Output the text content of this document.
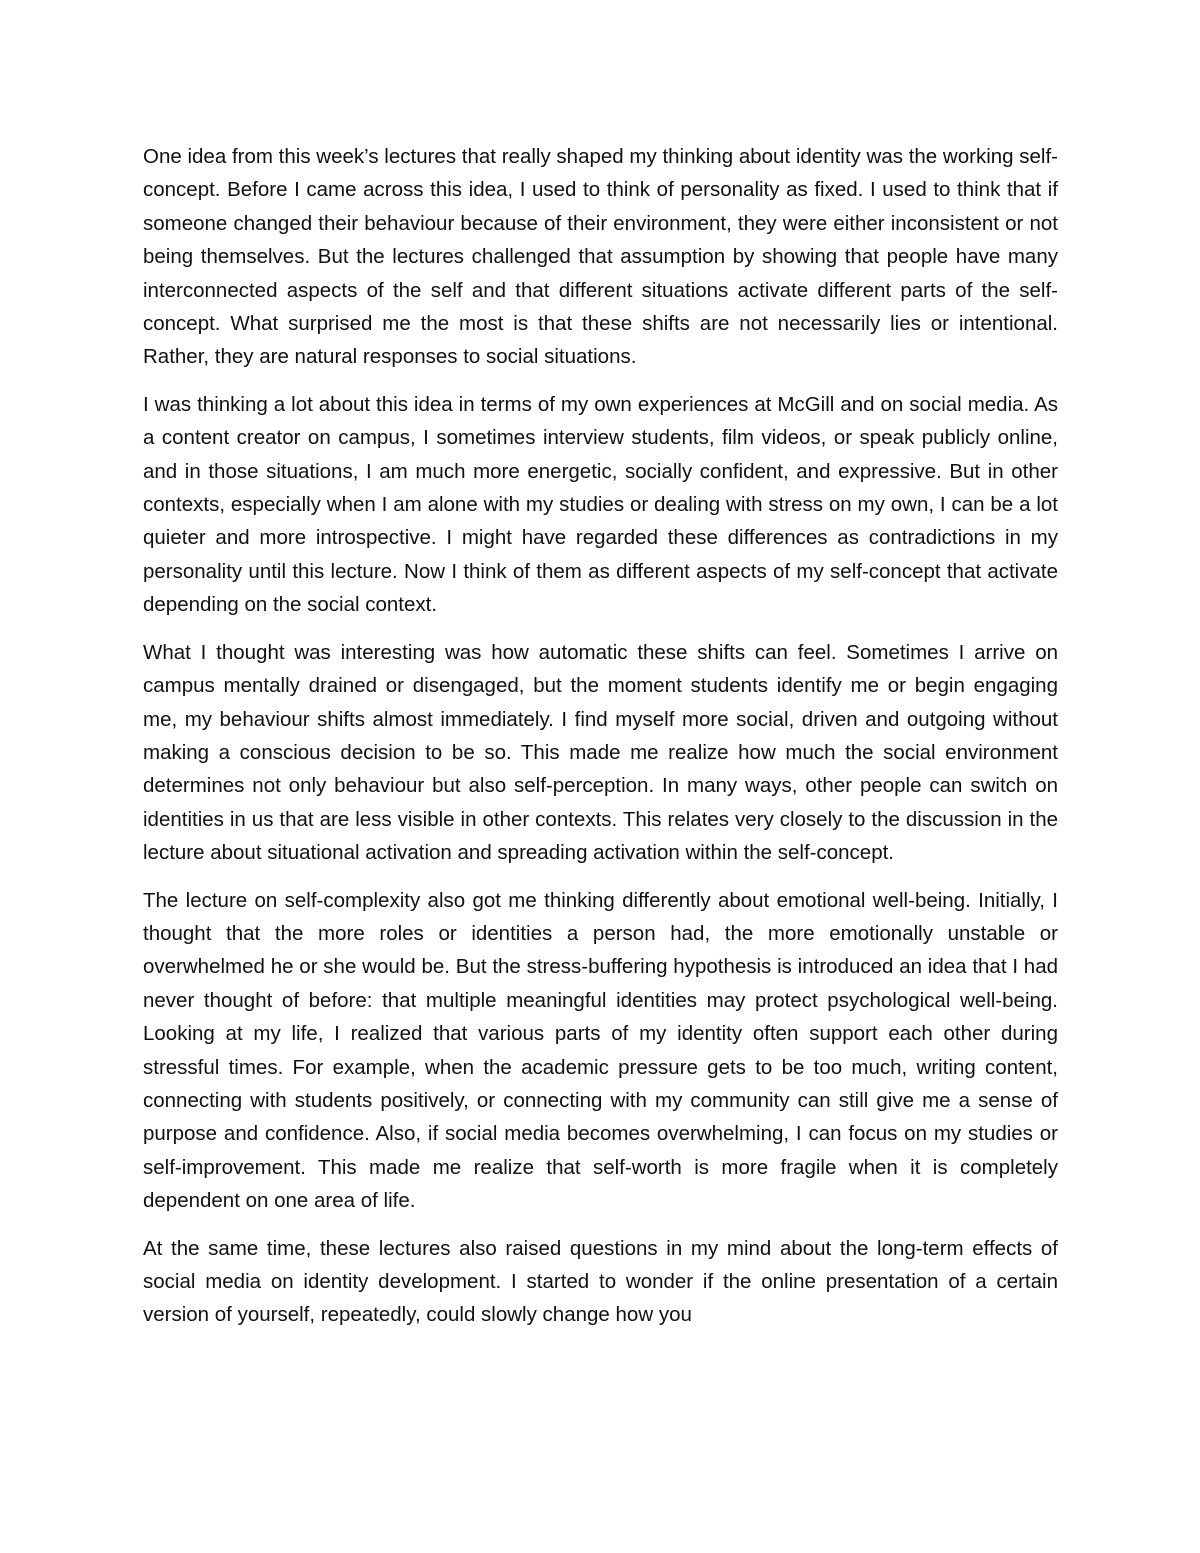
One idea from this week’s lectures that really shaped my thinking about identity was the working self-concept. Before I came across this idea, I used to think of personality as fixed. I used to think that if someone changed their behaviour because of their environment, they were either inconsistent or not being themselves. But the lectures challenged that assumption by showing that people have many interconnected aspects of the self and that different situations activate different parts of the self-concept. What surprised me the most is that these shifts are not necessarily lies or intentional. Rather, they are natural responses to social situations.

I was thinking a lot about this idea in terms of my own experiences at McGill and on social media. As a content creator on campus, I sometimes interview students, film videos, or speak publicly online, and in those situations, I am much more energetic, socially confident, and expressive. But in other contexts, especially when I am alone with my studies or dealing with stress on my own, I can be a lot quieter and more introspective. I might have regarded these differences as contradictions in my personality until this lecture. Now I think of them as different aspects of my self-concept that activate depending on the social context.

What I thought was interesting was how automatic these shifts can feel. Sometimes I arrive on campus mentally drained or disengaged, but the moment students identify me or begin engaging me, my behaviour shifts almost immediately. I find myself more social, driven and outgoing without making a conscious decision to be so. This made me realize how much the social environment determines not only behaviour but also self-perception. In many ways, other people can switch on identities in us that are less visible in other contexts. This relates very closely to the discussion in the lecture about situational activation and spreading activation within the self-concept.

The lecture on self-complexity also got me thinking differently about emotional well-being. Initially, I thought that the more roles or identities a person had, the more emotionally unstable or overwhelmed he or she would be. But the stress-buffering hypothesis is introduced an idea that I had never thought of before: that multiple meaningful identities may protect psychological well-being. Looking at my life, I realized that various parts of my identity often support each other during stressful times. For example, when the academic pressure gets to be too much, writing content, connecting with students positively, or connecting with my community can still give me a sense of purpose and confidence. Also, if social media becomes overwhelming, I can focus on my studies or self-improvement. This made me realize that self-worth is more fragile when it is completely dependent on one area of life.

At the same time, these lectures also raised questions in my mind about the long-term effects of social media on identity development. I started to wonder if the online presentation of a certain version of yourself, repeatedly, could slowly change how you
